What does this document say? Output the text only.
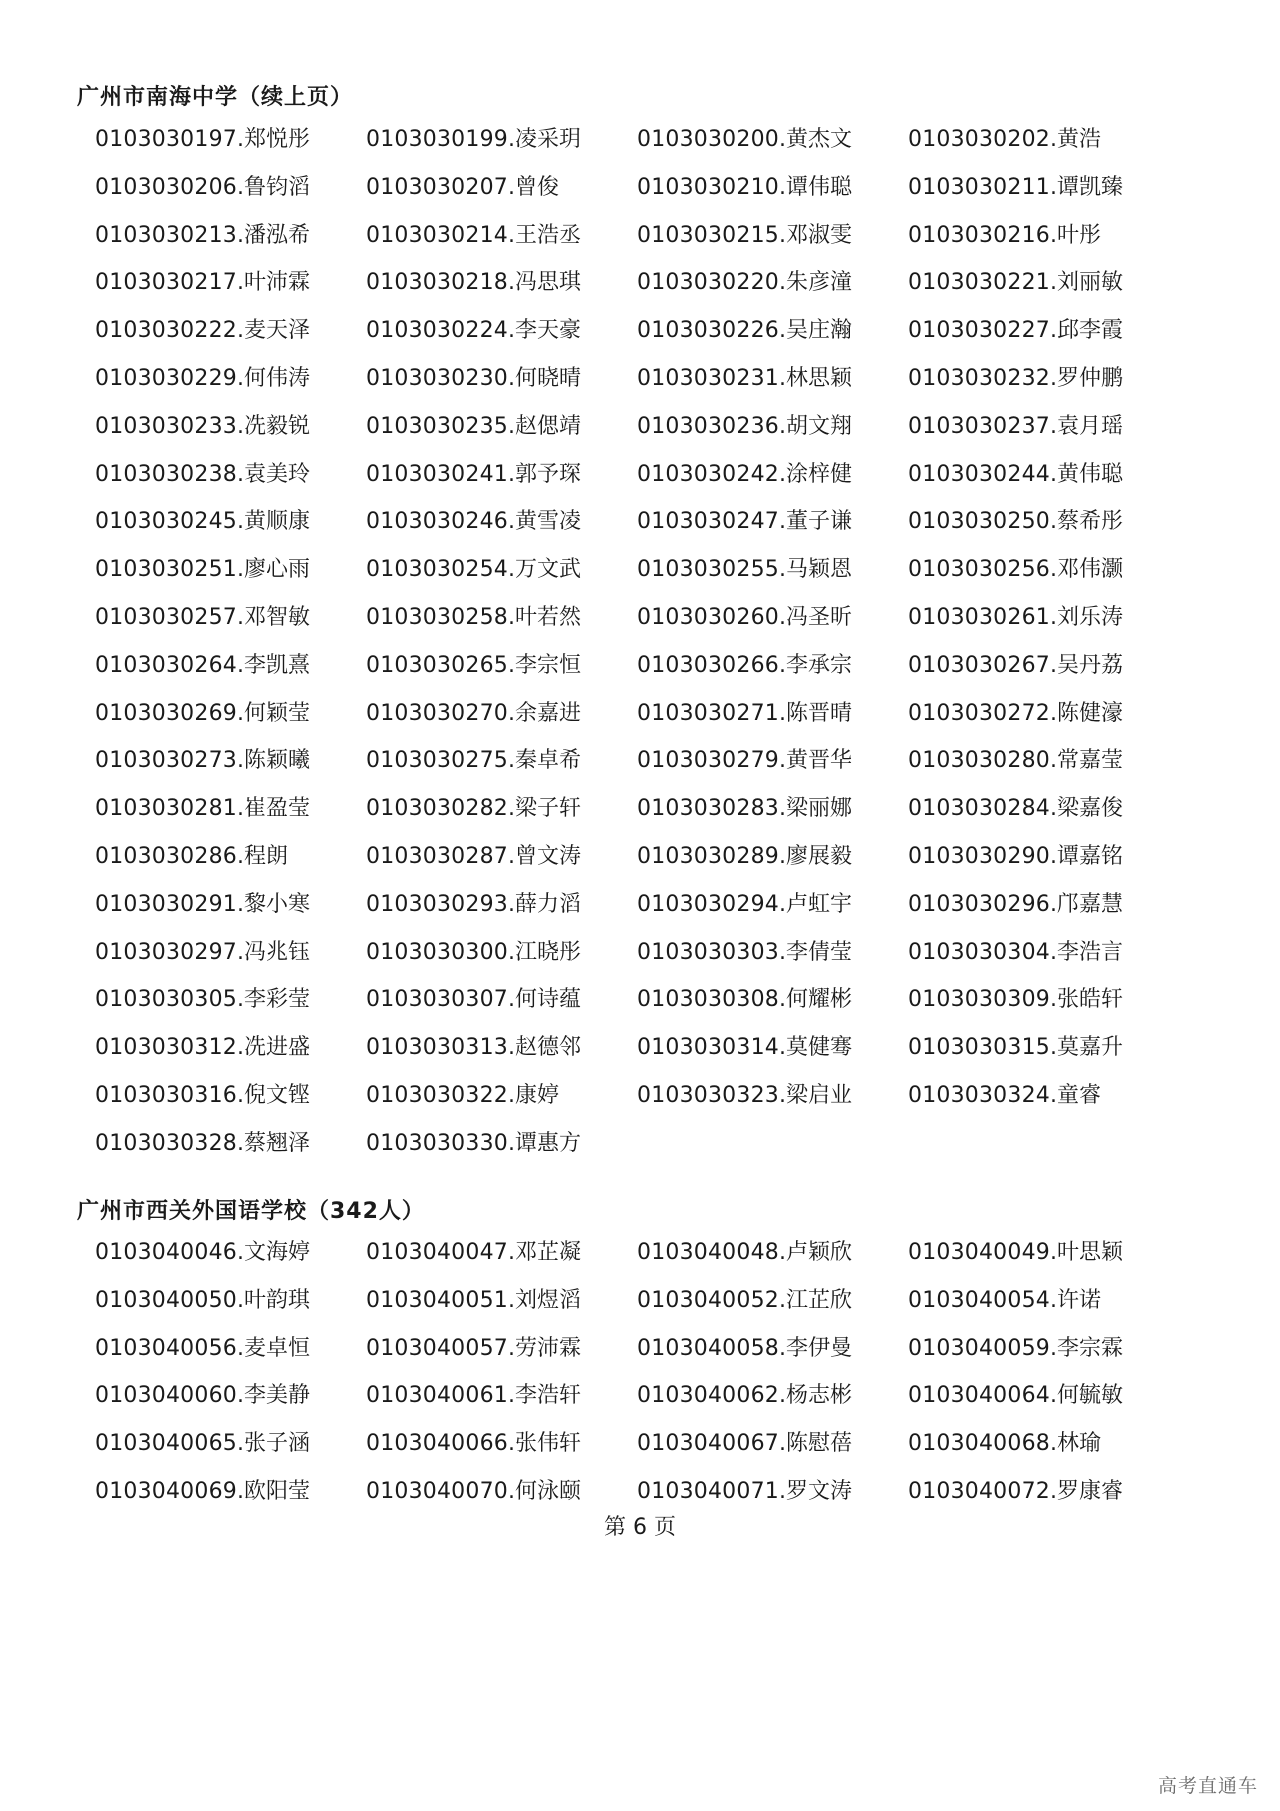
广州市南海中学（续上页）
0103030197 . 郑悦彤	0103030199 . 凌采玥	0103030200 . 黄杰文	0103030202 . 黄浩
0103030206 . 鲁钧滔	0103030207 . 曾俊	0103030210 . 谭伟聪	0103030211 . 谭凯臻
0103030213 . 潘泓希	0103030214 . 王浩丞	0103030215 . 邓淑雯	0103030216 . 叶彤
0103030217 . 叶沛霖	0103030218 . 冯思琪	0103030220 . 朱彦潼	0103030221 . 刘丽敏
0103030222 . 麦天泽	0103030224 . 李天豪	0103030226 . 吴庄瀚	0103030227 . 邱李霞
0103030229 . 何伟涛	0103030230 . 何晓晴	0103030231 . 林思颖	0103030232 . 罗仲鹏
0103030233 . 冼毅锐	0103030235 . 赵偲靖	0103030236 . 胡文翔	0103030237 . 袁月瑶
0103030238 . 袁美玲	0103030241 . 郭予琛	0103030242 . 涂梓健	0103030244 . 黄伟聪
0103030245 . 黄顺康	0103030246 . 黄雪凌	0103030247 . 董子谦	0103030250 . 蔡希彤
0103030251 . 廖心雨	0103030254 . 万文武	0103030255 . 马颖恩	0103030256 . 邓伟灏
0103030257 . 邓智敏	0103030258 . 叶若然	0103030260 . 冯圣昕	0103030261 . 刘乐涛
0103030264 . 李凯熹	0103030265 . 李宗恒	0103030266 . 李承宗	0103030267 . 吴丹荔
0103030269 . 何颖莹	0103030270 . 余嘉进	0103030271 . 陈晋晴	0103030272 . 陈健濠
0103030273 . 陈颖曦	0103030275 . 秦卓希	0103030279 . 黄晋华	0103030280 . 常嘉莹
0103030281 . 崔盈莹	0103030282 . 梁子轩	0103030283 . 梁丽娜	0103030284 . 梁嘉俊
0103030286 . 程朗	0103030287 . 曾文涛	0103030289 . 廖展毅	0103030290 . 谭嘉铭
0103030291 . 黎小寒	0103030293 . 薛力滔	0103030294 . 卢虹宇	0103030296 . 邝嘉慧
0103030297 . 冯兆钰	0103030300 . 江晓彤	0103030303 . 李倩莹	0103030304 . 李浩言
0103030305 . 李彩莹	0103030307 . 何诗蕴	0103030308 . 何耀彬	0103030309 . 张皓轩
0103030312 . 冼进盛	0103030313 . 赵德邻	0103030314 . 莫健骞	0103030315 . 莫嘉升
0103030316 . 倪文铿	0103030322 . 康婷	0103030323 . 梁启业	0103030324 . 童睿
0103030328 . 蔡翘泽	0103030330 . 谭惠方
广州市西关外国语学校（342人）
0103040046 . 文海婷	0103040047 . 邓芷凝	0103040048 . 卢颖欣	0103040049 . 叶思颖
0103040050 . 叶韵琪	0103040051 . 刘煜滔	0103040052 . 江芷欣	0103040054 . 许诺
0103040056 . 麦卓恒	0103040057 . 劳沛霖	0103040058 . 李伊曼	0103040059 . 李宗霖
0103040060 . 李美静	0103040061 . 李浩轩	0103040062 . 杨志彬	0103040064 . 何毓敏
0103040065 . 张子涵	0103040066 . 张伟轩	0103040067 . 陈慰蓓	0103040068 . 林瑜
0103040069 . 欧阳莹	0103040070 . 何泳颐	0103040071 . 罗文涛	0103040072 . 罗康睿
第 6 页
高考直通车
